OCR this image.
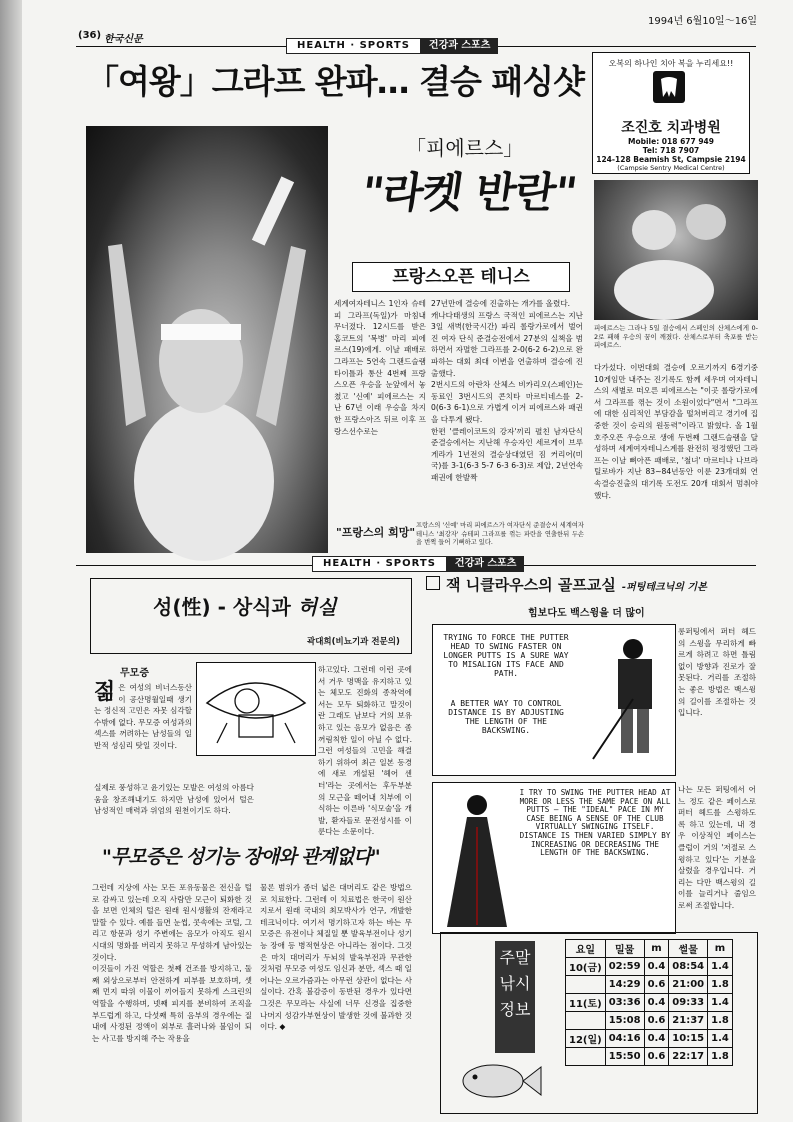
(36) 한국신문
1994년 6월10일～16일
HEALTH · SPORTS	건강과 스포츠
「여왕」그라프 완파… 결승 패싱샷
「피에르스」
"라켓 반란"
프랑스오픈 테니스
오복의 하나인 치아 복을 누리세요!!
조진호 치과병원
Mobile: 018 677 949
Tel: 718 7907
124-128 Beamish St, Campsie 2194
(Campsie Sentry Medical Centre)
피에르스는 그라나 5일 결승에서 스페인의 산체스에게 0-2로 패해 우승의 꿈이 깨졌다. 산체스로부터 축포를 받는 피에르스.
세계여자테니스 1인자 슈테피 그라프(독일)가 마침내 무너졌다. 12시드를 받은 홈코트의 '복병' 마리 피에르스(19)에게. 이날 패배로 그라프는 5연속 그랜드슬램타이틀과 통산 4번째 프랑스오픈 우승을 눈앞에서 놓쳤고 '신예' 피에르스는 지난 67년 이래 우승을 차지한 프랑스아즈 뒤르 이후 프랑스선수로는

27년만에 결승에 진출하는 개가를 올렸다.

캐나다태생의 프랑스 국적인 피에르스는 지난 3일 새벽(한국시간) 파리 롤랑가로에서 벌어진 여자 단식 준결승전에서 27분의 실책을 범하면서 자멸한 그라프를 2-0(6-2 6-2)으로 완파하는 대회 최대 이변을 연출하며 결승에 진출했다.

2번시드의 아란차 산체스 비카리오(스페인)는 동료인 3번시드의 콘치타 마르티네스를 2-0(6-3 6-1)으로 가볍게 이겨 피에르스와 패권을 다투게 됐다.

한편 '클레이코트의 강자'끼리 펼친 남자단식 준결승에서는 지난해 우승자인 세르게이 브루게라가 1년전의 결승상대였던 짐 커리어(미국)를 3-1(6-3 5-7 6-3 6-3)로 제압, 2년연속 패권에 한발짝

다가섰다. 이번대회 결승에 오르기까지 6경기중 10게임만 내주는 진기록도 함께 세우며 여자테니스의 새별로 떠오른 피에르스는 "이곳 롤랑가로에서 그라프를 꺾는 것이 소원이었다"면서 "그라프에 대한 심리적인 부담감을 떨쳐버리고 경기에 집중한 것이 승리의 원동력"이라고 밝혔다. 올 1월 호주오픈 우승으로 생애 두번째 그랜드슬램을 달성하며 세계여자테니스계를 완전히 평정했던 그라프는 이날 뼈아픈 패배로, '철녀' 마르티나 나브라틸로바가 지난 83~84년동안 이룬 23개대회 연속결승진출의 대기록 도전도 20개 대회서 멈춰야했다.
"프랑스의 희망"
프랑스의 '신예' 마리 피에르스가 여자단식 준결승서 세계여자테니스 '최강자' 슈테피 그라프를 꺾는 파란을 연출한뒤 두손을 번쩍 들어 기뻐하고 있다.
HEALTH · SPORTS	건강과 스포츠
성(性) - 상식과 허실
곽대희(비뇨기과 전문의)
무모증
젊은 여성의 비너스동산이 공산명월일때 생기는 정신적 고민은 자못 심각할 수밖에 없다. 무모증 여성과의 섹스를 꺼려하는 남성들의 일반적 성심리 탓일 것이다.
실제로 풍성하고 윤기있는 모발은 여성의 아름다움을 창조해내기도 하지만 남성에 있어서 털은 남성적인 매력과 위엄의 원천이기도 하다.
하고있다. 그런데 이런 곳에서 거우 명맥을 유지하고 있는 체모도 진화의 종착역에서는 모두 퇴화하고 말것이란 그래도 남보다 거의 보유하고 있는 음모가 없음은 좀 꺼림칙한 일이 아닐 수 없다. 그런 여성들의 고민을 해결하기 위하여 최근 일본 동경에 새로 개설된 '헤어 센터'라는 곳에서는 후두부분의 모근을 떼어내 치부에 이식하는 이른바 '식모술'을 개발, 환자들로 문전성시를 이룬다는 소문이다.
"무모증은 성기능 장애와 관계없다"

그런데 지상에 사는 모든 포유동물은 전신을 털로 감싸고 있는데 오직 사람만 모근이 퇴화한 것을 보면 인체의 털은 원래 원시생활의 잔재라고 말할 수 있다. 예를 들면 눈썹, 콧속에는 코털, 그리고 항문과 성기 주변에는 음모가 아직도 원시시대의 명화를 버리지 못하고 무성하게 남아있는 것이다.

이것들이 가진 역할은 첫째 건조를 방지하고, 둘째 외상으로부터 안전하게 피부를 보호하며, 셋째 먼지 따위 이물이 끼어들지 못하게 스크린의 역할을 수행하며, 넷째 피지를 분비하여 조직을 부드럽게 하고, 다섯째 특히 음부의 경우에는 질내에 사정된 정액이 외부로 흘러나와 불임이 되는 사고를 방지해 주는 작용을

물론 범위가 좀더 넓은 대머리도 같은 방법으로 치료한다. 그런데 이 치료법은 한국이 원산지로서 원래 국내의 최모박사가 연구, 개발한 테크닉이다. 여기서 명기하고자 하는 바는 무모증은 유전이나 체질일 뿐 발육부전이나 성기능 장애 등 병적현상은 아니라는 점이다. 그것은 마치 대머리가 두뇌의 발육부전과 무관한 것처럼 무모증 여성도 임신과 분만, 섹스 때 일어나는 오르가즘과는 아무런 상관이 없다는 사실이다. 간혹 불감증이 동반된 경우가 있다면 그것은 무모라는 사실에 너무 신경을 집중한 나머지 성감가부현상이 발생한 것에 불과한 것이다. ◆
잭 니클라우스의 골프교실 -퍼팅테크닉의 기본
힘보다도 백스윙을 더 많이
TRYING TO FORCE THE PUTTER HEAD TO SWING FASTER ON LONGER PUTTS IS A SURE WAY TO MISALIGN ITS FACE AND PATH.
A BETTER WAY TO CONTROL DISTANCE IS BY ADJUSTING THE LENGTH OF THE BACKSWING.
롱퍼팅에서 퍼터 헤드의 스윙을 무리하게 빠르게 하려고 하면 틀림없이 방향과 진로가 잘못된다. 거리를 조절하는 좋은 방법은 백스윙의 길이를 조절하는 것입니다.
I TRY TO SWING THE PUTTER HEAD AT MORE OR LESS THE SAME PACE ON ALL PUTTS — THE "IDEAL" PACE IN MY CASE BEING A SENSE OF THE CLUB VIRTUALLY SWINGING ITSELF. DISTANCE IS THEN VARIED SIMPLY BY INCREASING OR DECREASING THE LENGTH OF THE BACKSWING.
나는 모든 퍼팅에서 어느 정도 같은 페이스로 퍼터 헤드를 스윙하도록 하고 있는데, 내 경우 이상적인 페이스는 클럽이 거의 '저절로 스윙하고 있다'는 기분을 살렸을 경우입니다. 거리는 다만 백스윙의 길이를 늘리거나 줄임으로써 조절합니다.
주말 낚시 정보
요일	밀물	m	썰물	m
10(금)	02:59	0.4	08:54	1.4
	14:29	0.6	21:00	1.8
11(토)	03:36	0.4	09:33	1.4
	15:08	0.6	21:37	1.8
12(일)	04:16	0.4	10:15	1.4
	15:50	0.6	22:17	1.8
